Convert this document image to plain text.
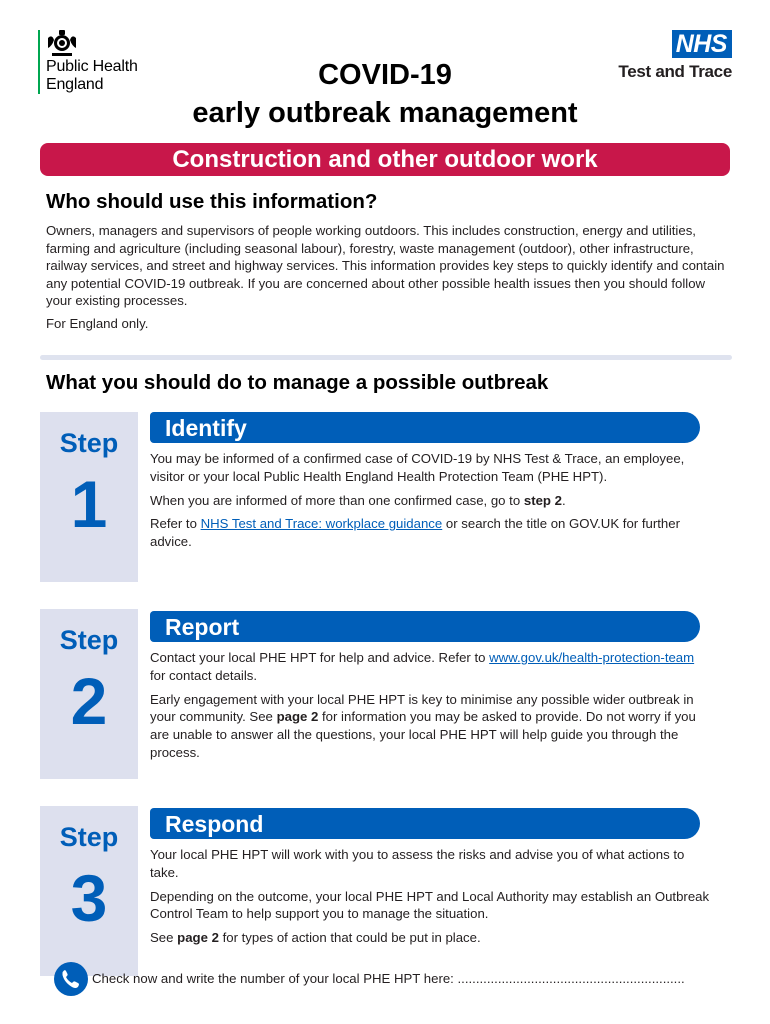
Public Health
England
NHS
Test and Trace
COVID-19
early outbreak management
Construction and other outdoor work
Who should use this information?
Owners, managers and supervisors of people working outdoors. This includes construction, energy and utilities, farming and agriculture (including seasonal labour), forestry, waste management (outdoor), other infrastructure, railway services, and street and highway services. This information provides key steps to quickly identify and contain any potential COVID-19 outbreak. If you are concerned about other possible health issues then you should follow your existing processes.
For England only.
What you should do to manage a possible outbreak
Step
1
Identify

You may be informed of a confirmed case of COVID-19 by NHS Test & Trace, an employee, visitor or your local Public Health England Health Protection Team (PHE HPT).

When you are informed of more than one confirmed case, go to step 2.

Refer to NHS Test and Trace: workplace guidance or search the title on GOV.UK for further advice.

Step
2
Report

Contact your local PHE HPT for help and advice. Refer to www.gov.uk/health-protection-team for contact details.

Early engagement with your local PHE HPT is key to minimise any possible wider outbreak in your community. See page 2 for information you may be asked to provide. Do not worry if you are unable to answer all the questions, your local PHE HPT will help guide you through the process.

Step
3
Respond

Your local PHE HPT will work with you to assess the risks and advise you of what actions to take.

Depending on the outcome, your local PHE HPT and Local Authority may establish an Outbreak Control Team to help support you to manage the situation.

See page 2 for types of action that could be put in place.

Check now and write the number of your local PHE HPT here: ..............................................................
